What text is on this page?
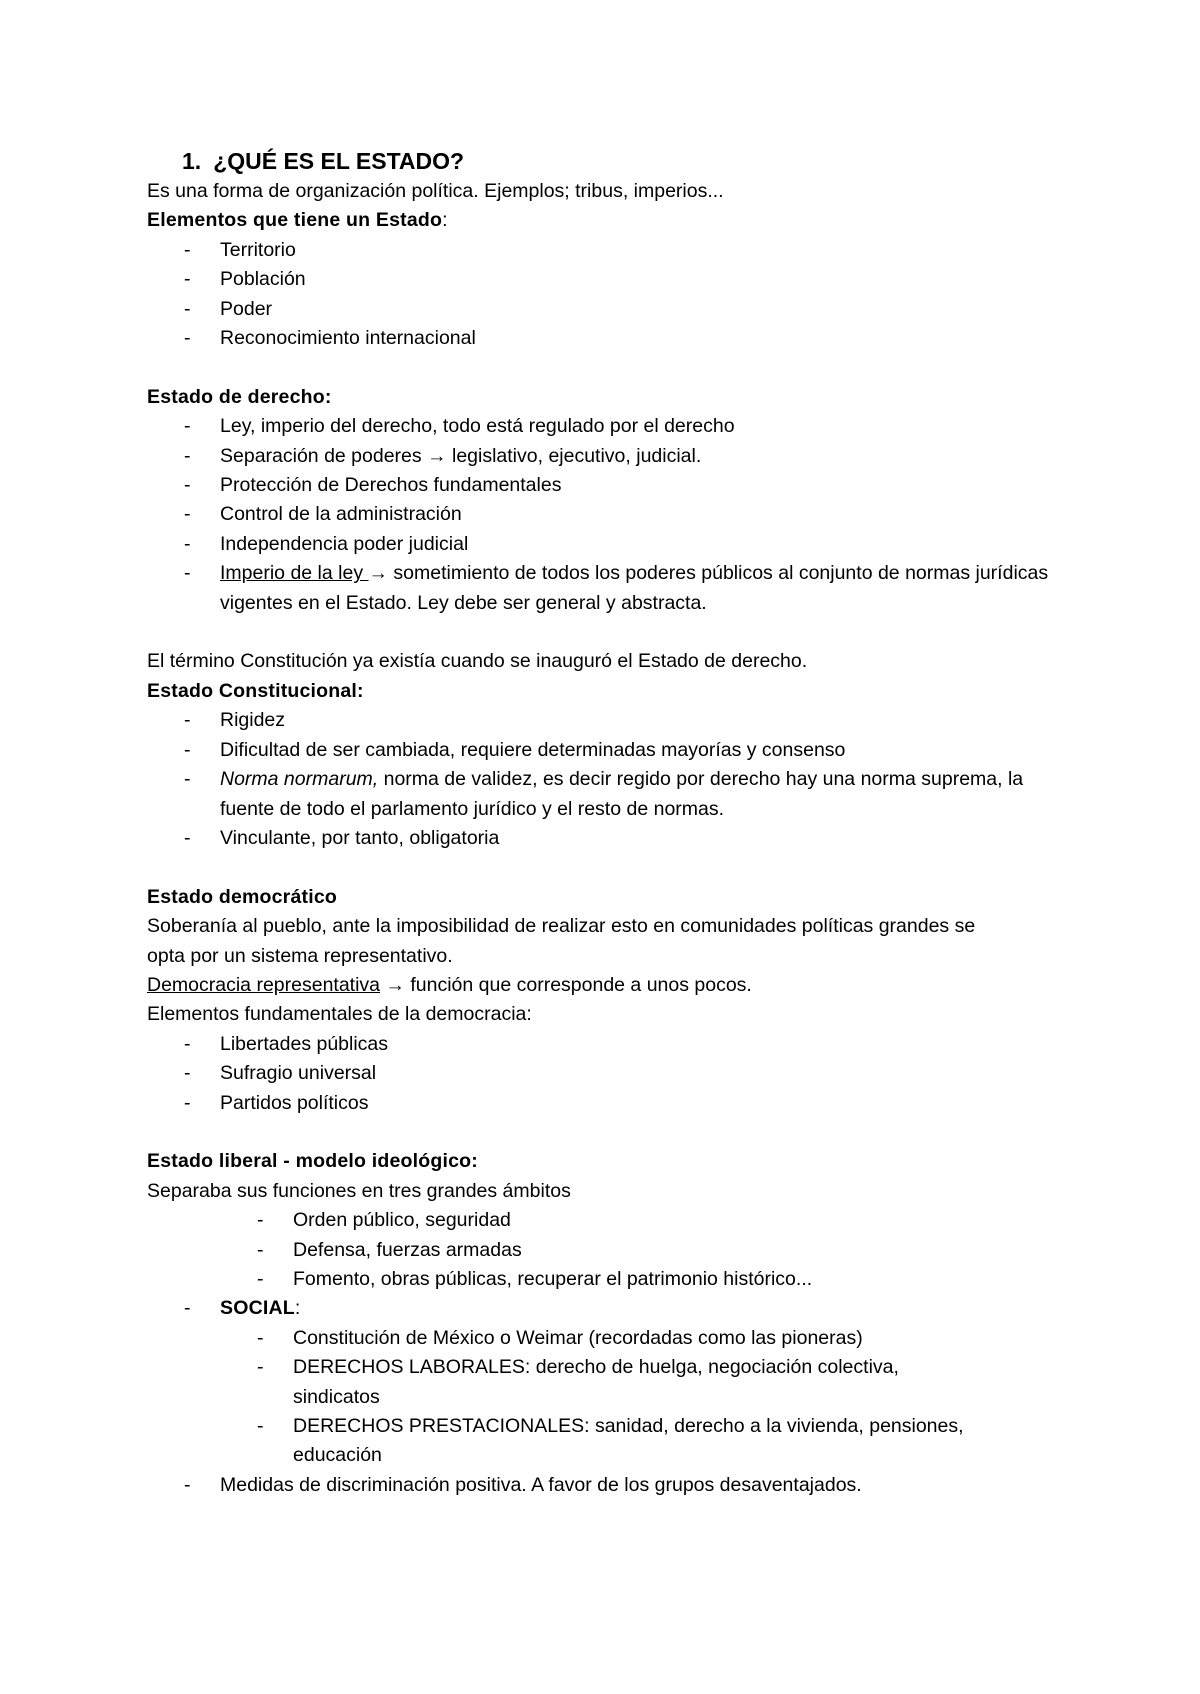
1. ¿QUÉ ES EL ESTADO?
Es una forma de organización política. Ejemplos; tribus, imperios...
Elementos que tiene un Estado:
- Territorio
- Población
- Poder
- Reconocimiento internacional
Estado de derecho:
- Ley, imperio del derecho, todo está regulado por el derecho
- Separación de poderes → legislativo, ejecutivo, judicial.
- Protección de Derechos fundamentales
- Control de la administración
- Independencia poder judicial
- Imperio de la ley → sometimiento de todos los poderes públicos al conjunto de normas jurídicas vigentes en el Estado. Ley debe ser general y abstracta.
El término Constitución ya existía cuando se inauguró el Estado de derecho.
Estado Constitucional:
- Rigidez
- Dificultad de ser cambiada, requiere determinadas mayorías y consenso
- Norma normarum, norma de validez, es decir regido por derecho hay una norma suprema, la fuente de todo el parlamento jurídico y el resto de normas.
- Vinculante, por tanto, obligatoria
Estado democrático
Soberanía al pueblo, ante la imposibilidad de realizar esto en comunidades políticas grandes se opta por un sistema representativo.
Democracia representativa → función que corresponde a unos pocos.
Elementos fundamentales de la democracia:
- Libertades públicas
- Sufragio universal
- Partidos políticos
Estado liberal - modelo ideológico:
Separaba sus funciones en tres grandes ámbitos
- Orden público, seguridad
- Defensa, fuerzas armadas
- Fomento, obras públicas, recuperar el patrimonio histórico...
- SOCIAL:
- Constitución de México o Weimar (recordadas como las pioneras)
- DERECHOS LABORALES: derecho de huelga, negociación colectiva, sindicatos
- DERECHOS PRESTACIONALES: sanidad, derecho a la vivienda, pensiones, educación
- Medidas de discriminación positiva. A favor de los grupos desaventajados.
